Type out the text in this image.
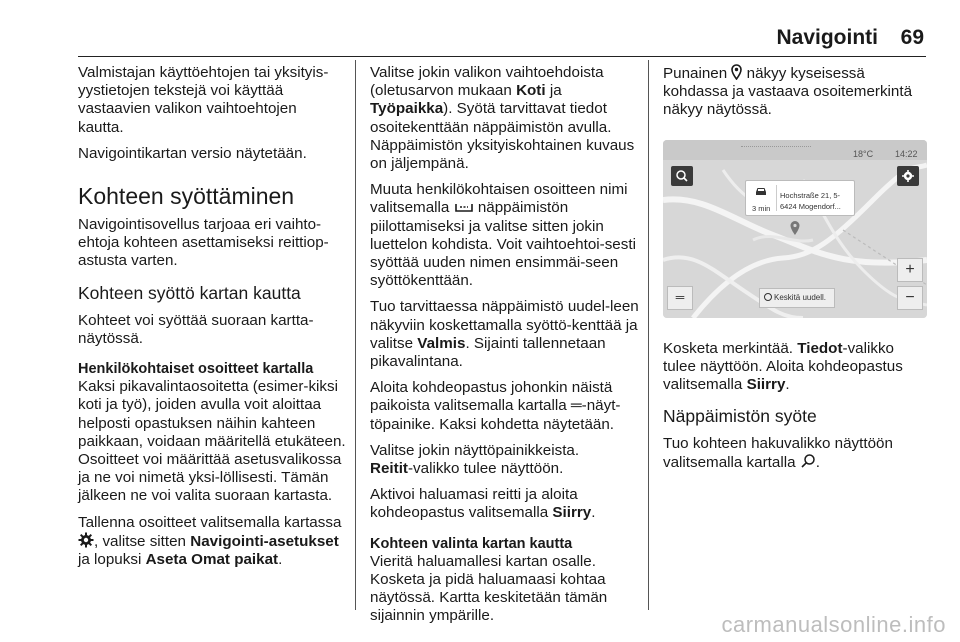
Navigointi 69

Valmistajan käyttöehtojen tai yksityis-yystietojen tekstejä voi käyttää vastaavien valikon vaihtoehtojen kautta.

Navigointikartan versio näytetään.

Kohteen syöttäminen

Navigointisovellus tarjoaa eri vaihto-ehtoja kohteen asettamiseksi reittiop-astusta varten.

Kohteen syöttö kartan kautta

Kohteet voi syöttää suoraan kartta-näytössä.

Henkilökohtaiset osoitteet kartalla

Kaksi pikavalintaosoitetta (esimer-kiksi koti ja työ), joiden avulla voit aloittaa helposti opastuksen näihin kahteen paikkaan, voidaan määritellä etukäteen. Osoitteet voi määrittää asetusvalikossa ja ne voi nimetä yksi-löllisesti. Tämän jälkeen ne voi valita suoraan kartasta.

Tallenna osoitteet valitsemalla kartassa , valitse sitten Navigointi-asetukset ja lopuksi Aseta Omat paikat.

Valitse jokin valikon vaihtoehdoista (oletusarvon mukaan Koti ja Työpaikka). Syötä tarvittavat tiedot osoitekenttään näppäimistön avulla. Näppäimistön yksityiskohtainen kuvaus on jäljempänä.

Muuta henkilökohtaisen osoitteen nimi valitsemalla näppäimistön piilottamiseksi ja valitse sitten jokin luettelon kohdista. Voit vaihtoehtoi-sesti syöttää uuden nimen ensimmäi-seen syöttökenttään.

Tuo tarvittaessa näppäimistö uudel-leen näkyviin koskettamalla syöttö-kenttää ja valitse Valmis. Sijainti tallennetaan pikavalintana.

Aloita kohdeopastus johonkin näistä paikoista valitsemalla kartalla ═-näyt-töpainike. Kaksi kohdetta näytetään.

Valitse jokin näyttöpainikkeista.
Reitit-valikko tulee näyttöön.

Aktivoi haluamasi reitti ja aloita kohdeopastus valitsemalla Siirry.

Kohteen valinta kartan kautta

Vieritä haluamallesi kartan osalle. Kosketa ja pidä haluamaasi kohtaa näytössä. Kartta keskitetään tämän sijainnin ympärille.

Punainen näkyy kyseisessä kohdassa ja vastaava osoitemerkintä näkyy näytössä.

18°C 14:22
3 min
Hochstraße 21, 5-
6424 Mogendorf...
+
−
═	Keskitä uudell.

Kosketa merkintää. Tiedot-valikko tulee näyttöön. Aloita kohdeopastus valitsemalla Siirry.

Näppäimistön syöte

Tuo kohteen hakuvalikko näyttöön valitsemalla kartalla .

carmanualsonline.info
